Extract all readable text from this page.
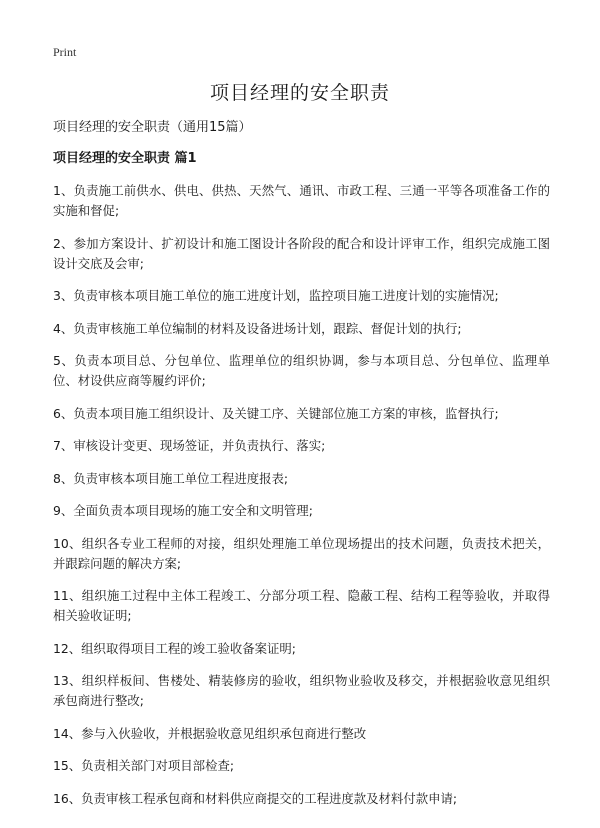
Print
项目经理的安全职责
项目经理的安全职责（通用15篇）
项目经理的安全职责 篇1
1、负责施工前供水、供电、供热、天然气、通讯、市政工程、三通一平等各项准备工作的实施和督促;
2、参加方案设计、扩初设计和施工图设计各阶段的配合和设计评审工作，组织完成施工图设计交底及会审;
3、负责审核本项目施工单位的施工进度计划，监控项目施工进度计划的实施情况;
4、负责审核施工单位编制的材料及设备进场计划，跟踪、督促计划的执行;
5、负责本项目总、分包单位、监理单位的组织协调，参与本项目总、分包单位、监理单位、材设供应商等履约评价;
6、负责本项目施工组织设计、及关键工序、关键部位施工方案的审核，监督执行;
7、审核设计变更、现场签证，并负责执行、落实;
8、负责审核本项目施工单位工程进度报表;
9、全面负责本项目现场的施工安全和文明管理;
10、组织各专业工程师的对接，组织处理施工单位现场提出的技术问题，负责技术把关，并跟踪问题的解决方案;
11、组织施工过程中主体工程竣工、分部分项工程、隐蔽工程、结构工程等验收，并取得相关验收证明;
12、组织取得项目工程的竣工验收备案证明;
13、组织样板间、售楼处、精装修房的验收，组织物业验收及移交，并根据验收意见组织承包商进行整改;
14、参与入伙验收，并根据验收意见组织承包商进行整改
15、负责相关部门对项目部检查;
16、负责审核工程承包商和材料供应商提交的工程进度款及材料付款申请;
